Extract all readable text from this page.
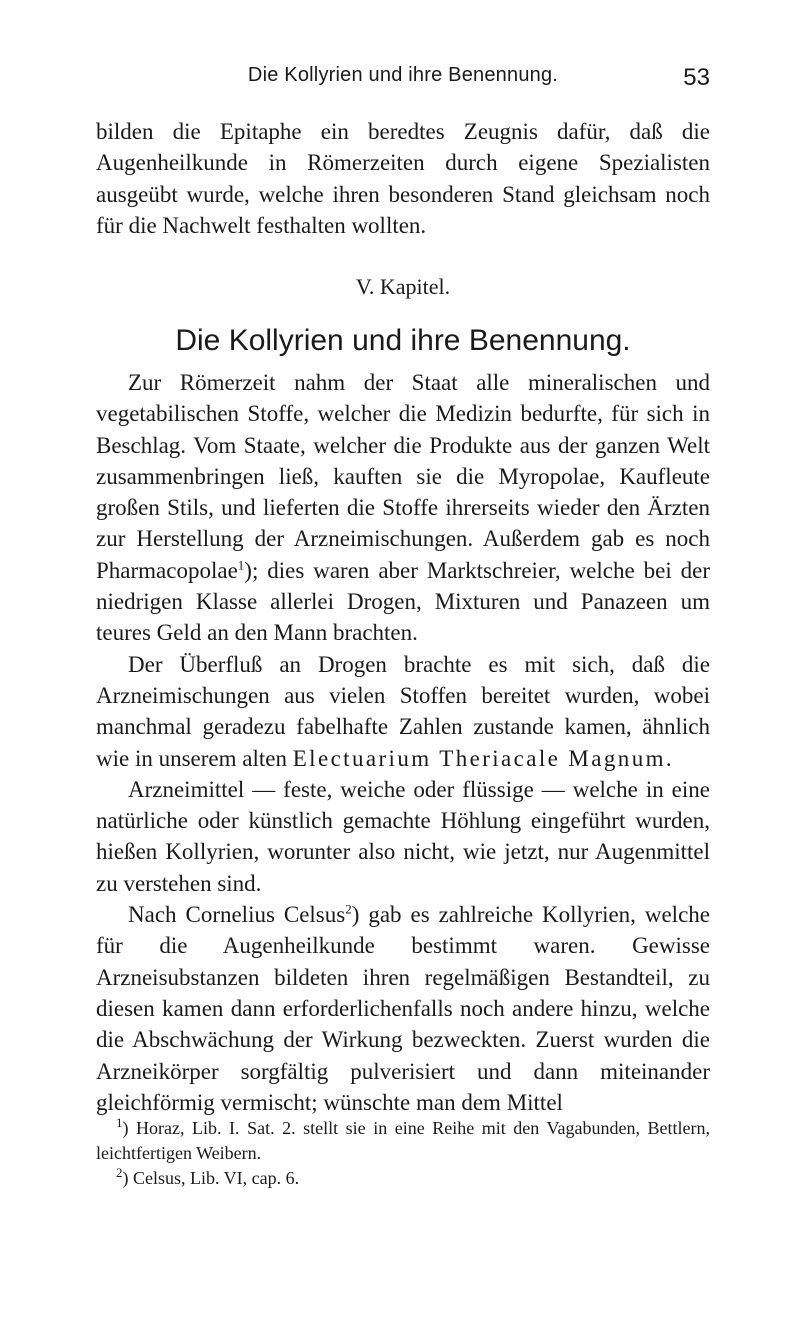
Die Kollyrien und ihre Benennung.	53

bilden die Epitaphe ein beredtes Zeugnis dafür, daß die Augenheilkunde in Römerzeiten durch eigene Spezialisten ausgeübt wurde, welche ihren besonderen Stand gleichsam noch für die Nachwelt festhalten wollten.

V. Kapitel.
Die Kollyrien und ihre Benennung.

Zur Römerzeit nahm der Staat alle mineralischen und vegetabilischen Stoffe, welcher die Medizin bedurfte, für sich in Beschlag. Vom Staate, welcher die Produkte aus der ganzen Welt zusammenbringen ließ, kauften sie die Myropolae, Kaufleute großen Stils, und lieferten die Stoffe ihrerseits wieder den Ärzten zur Herstellung der Arzneimischungen. Außerdem gab es noch Pharmacopolae$^1$); dies waren aber Marktschreier, welche bei der niedrigen Klasse allerlei Drogen, Mixturen und Panazeen um teures Geld an den Mann brachten.

Der Überfluß an Drogen brachte es mit sich, daß die Arzneimischungen aus vielen Stoffen bereitet wurden, wobei manchmal geradezu fabelhafte Zahlen zustande kamen, ähnlich wie in unserem alten Electuarium Theriacale Magnum.

Arzneimittel — feste, weiche oder flüssige — welche in eine natürliche oder künstlich gemachte Höhlung eingeführt wurden, hießen Kollyrien, worunter also nicht, wie jetzt, nur Augenmittel zu verstehen sind.

Nach Cornelius Celsus$^2$) gab es zahlreiche Kollyrien, welche für die Augenheilkunde bestimmt waren. Gewisse Arzneisubstanzen bildeten ihren regelmäßigen Bestandteil, zu diesen kamen dann erforderlichenfalls noch andere hinzu, welche die Abschwächung der Wirkung bezweckten. Zuerst wurden die Arzneikörper sorgfältig pulverisiert und dann miteinander gleichförmig vermischt; wünschte man dem Mittel

$^1$) Horaz, Lib. I. Sat. 2. stellt sie in eine Reihe mit den Vagabunden, Bettlern, leichtfertigen Weibern.

$^2$) Celsus, Lib. VI, cap. 6.
